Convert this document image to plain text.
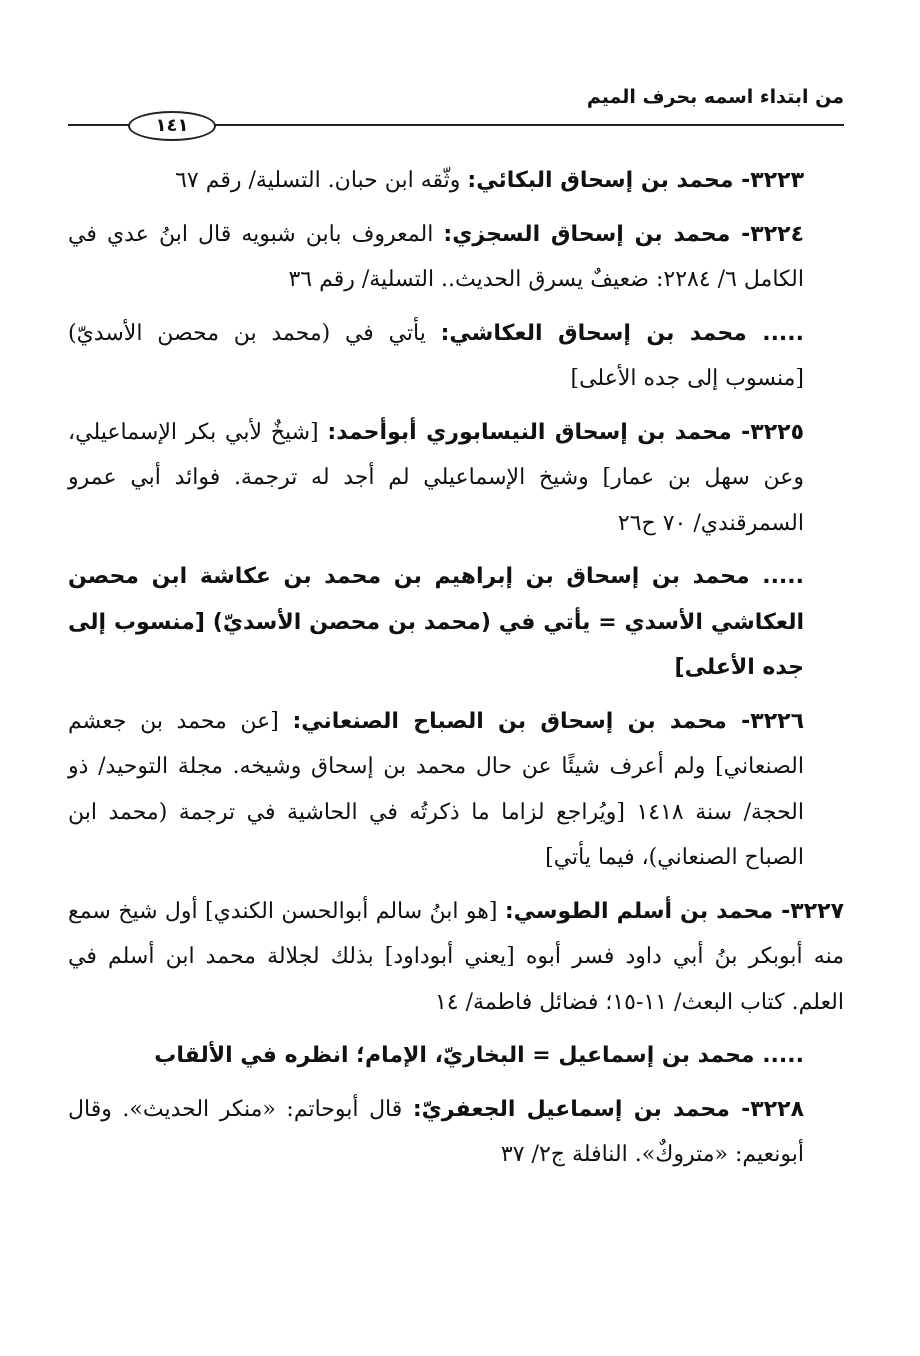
من ابتداء اسمه بحرف الميم
١٤١

٣٢٢٣- محمد بن إسحاق البكائي: وثّقه ابن حبان. التسلية/ رقم ٦٧

٣٢٢٤- محمد بن إسحاق السجزي: المعروف بابن شبويه قال ابنُ عدي في الكامل ٦/ ٢٢٨٤: ضعيفٌ يسرق الحديث.. التسلية/ رقم ٣٦

..... محمد بن إسحاق العكاشي: يأتي في (محمد بن محصن الأسديّ) [منسوب إلى جده الأعلى]

٣٢٢٥- محمد بن إسحاق النيسابوري أبوأحمد: [شيخٌ لأبي بكر الإسماعيلي، وعن سهل بن عمار] وشيخ الإسماعيلي لم أجد له ترجمة. فوائد أبي عمرو السمرقندي/ ٧٠ ح٢٦

..... محمد بن إسحاق بن إبراهيم بن محمد بن عكاشة ابن محصن العكاشي الأسدي = يأتي في (محمد بن محصن الأسديّ) [منسوب إلى جده الأعلى]

٣٢٢٦- محمد بن إسحاق بن الصباح الصنعاني: [عن محمد بن جعشم الصنعاني] ولم أعرف شيئًا عن حال محمد بن إسحاق وشيخه. مجلة التوحيد/ ذو الحجة/ سنة ١٤١٨ [ويُراجع لزاما ما ذكرتُه في الحاشية في ترجمة (محمد ابن الصباح الصنعاني)، فيما يأتي]

٣٢٢٧- محمد بن أسلم الطوسي: [هو ابنُ سالم أبوالحسن الكندي] أول شيخ سمع منه أبوبكر بنُ أبي داود فسر أبوه [يعني أبوداود] بذلك لجلالة محمد ابن أسلم في العلم. كتاب البعث/ ١١-١٥؛ فضائل فاطمة/ ١٤

..... محمد بن إسماعيل = البخاريّ، الإمام؛ انظره في الألقاب

٣٢٢٨- محمد بن إسماعيل الجعفريّ: قال أبوحاتم: «منكر الحديث». وقال أبونعيم: «متروكٌ». النافلة ج٢/ ٣٧
